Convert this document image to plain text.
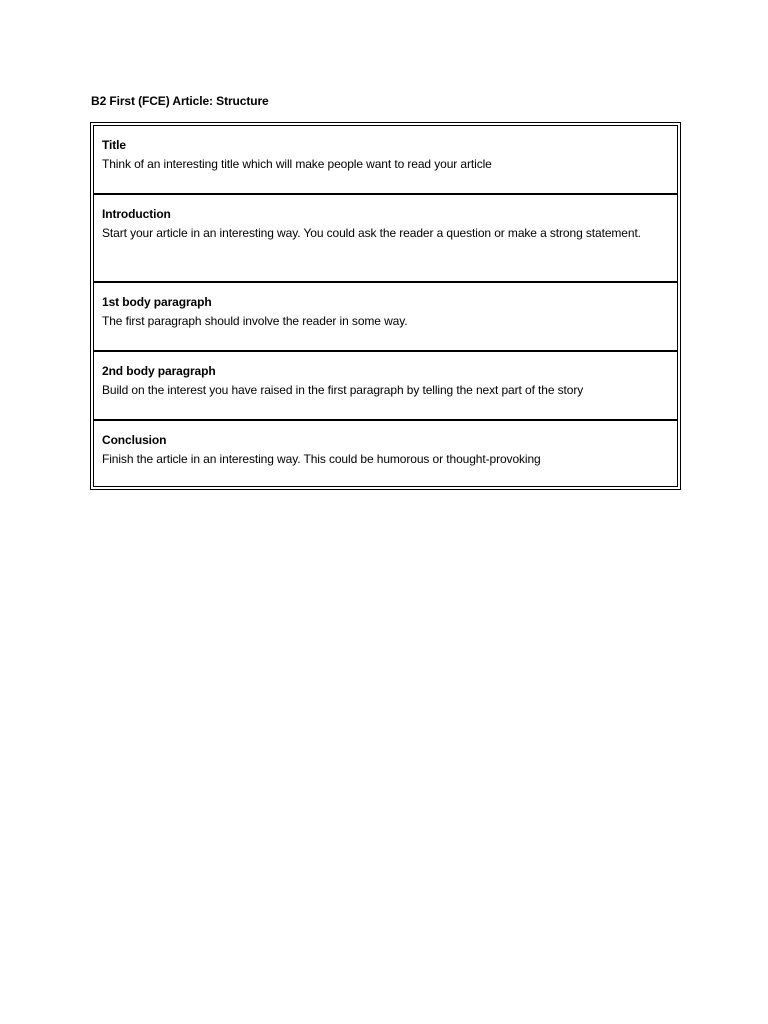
B2 First (FCE) Article: Structure
Title
Think of an interesting title which will make people want to read your article
Introduction
Start your article in an interesting way. You could ask the reader a question or make a strong statement.
1st body paragraph
The first paragraph should involve the reader in some way.
2nd body paragraph
Build on the interest you have raised in the first paragraph by telling the next part of the story
Conclusion
Finish the article in an interesting way. This could be humorous or thought-provoking
